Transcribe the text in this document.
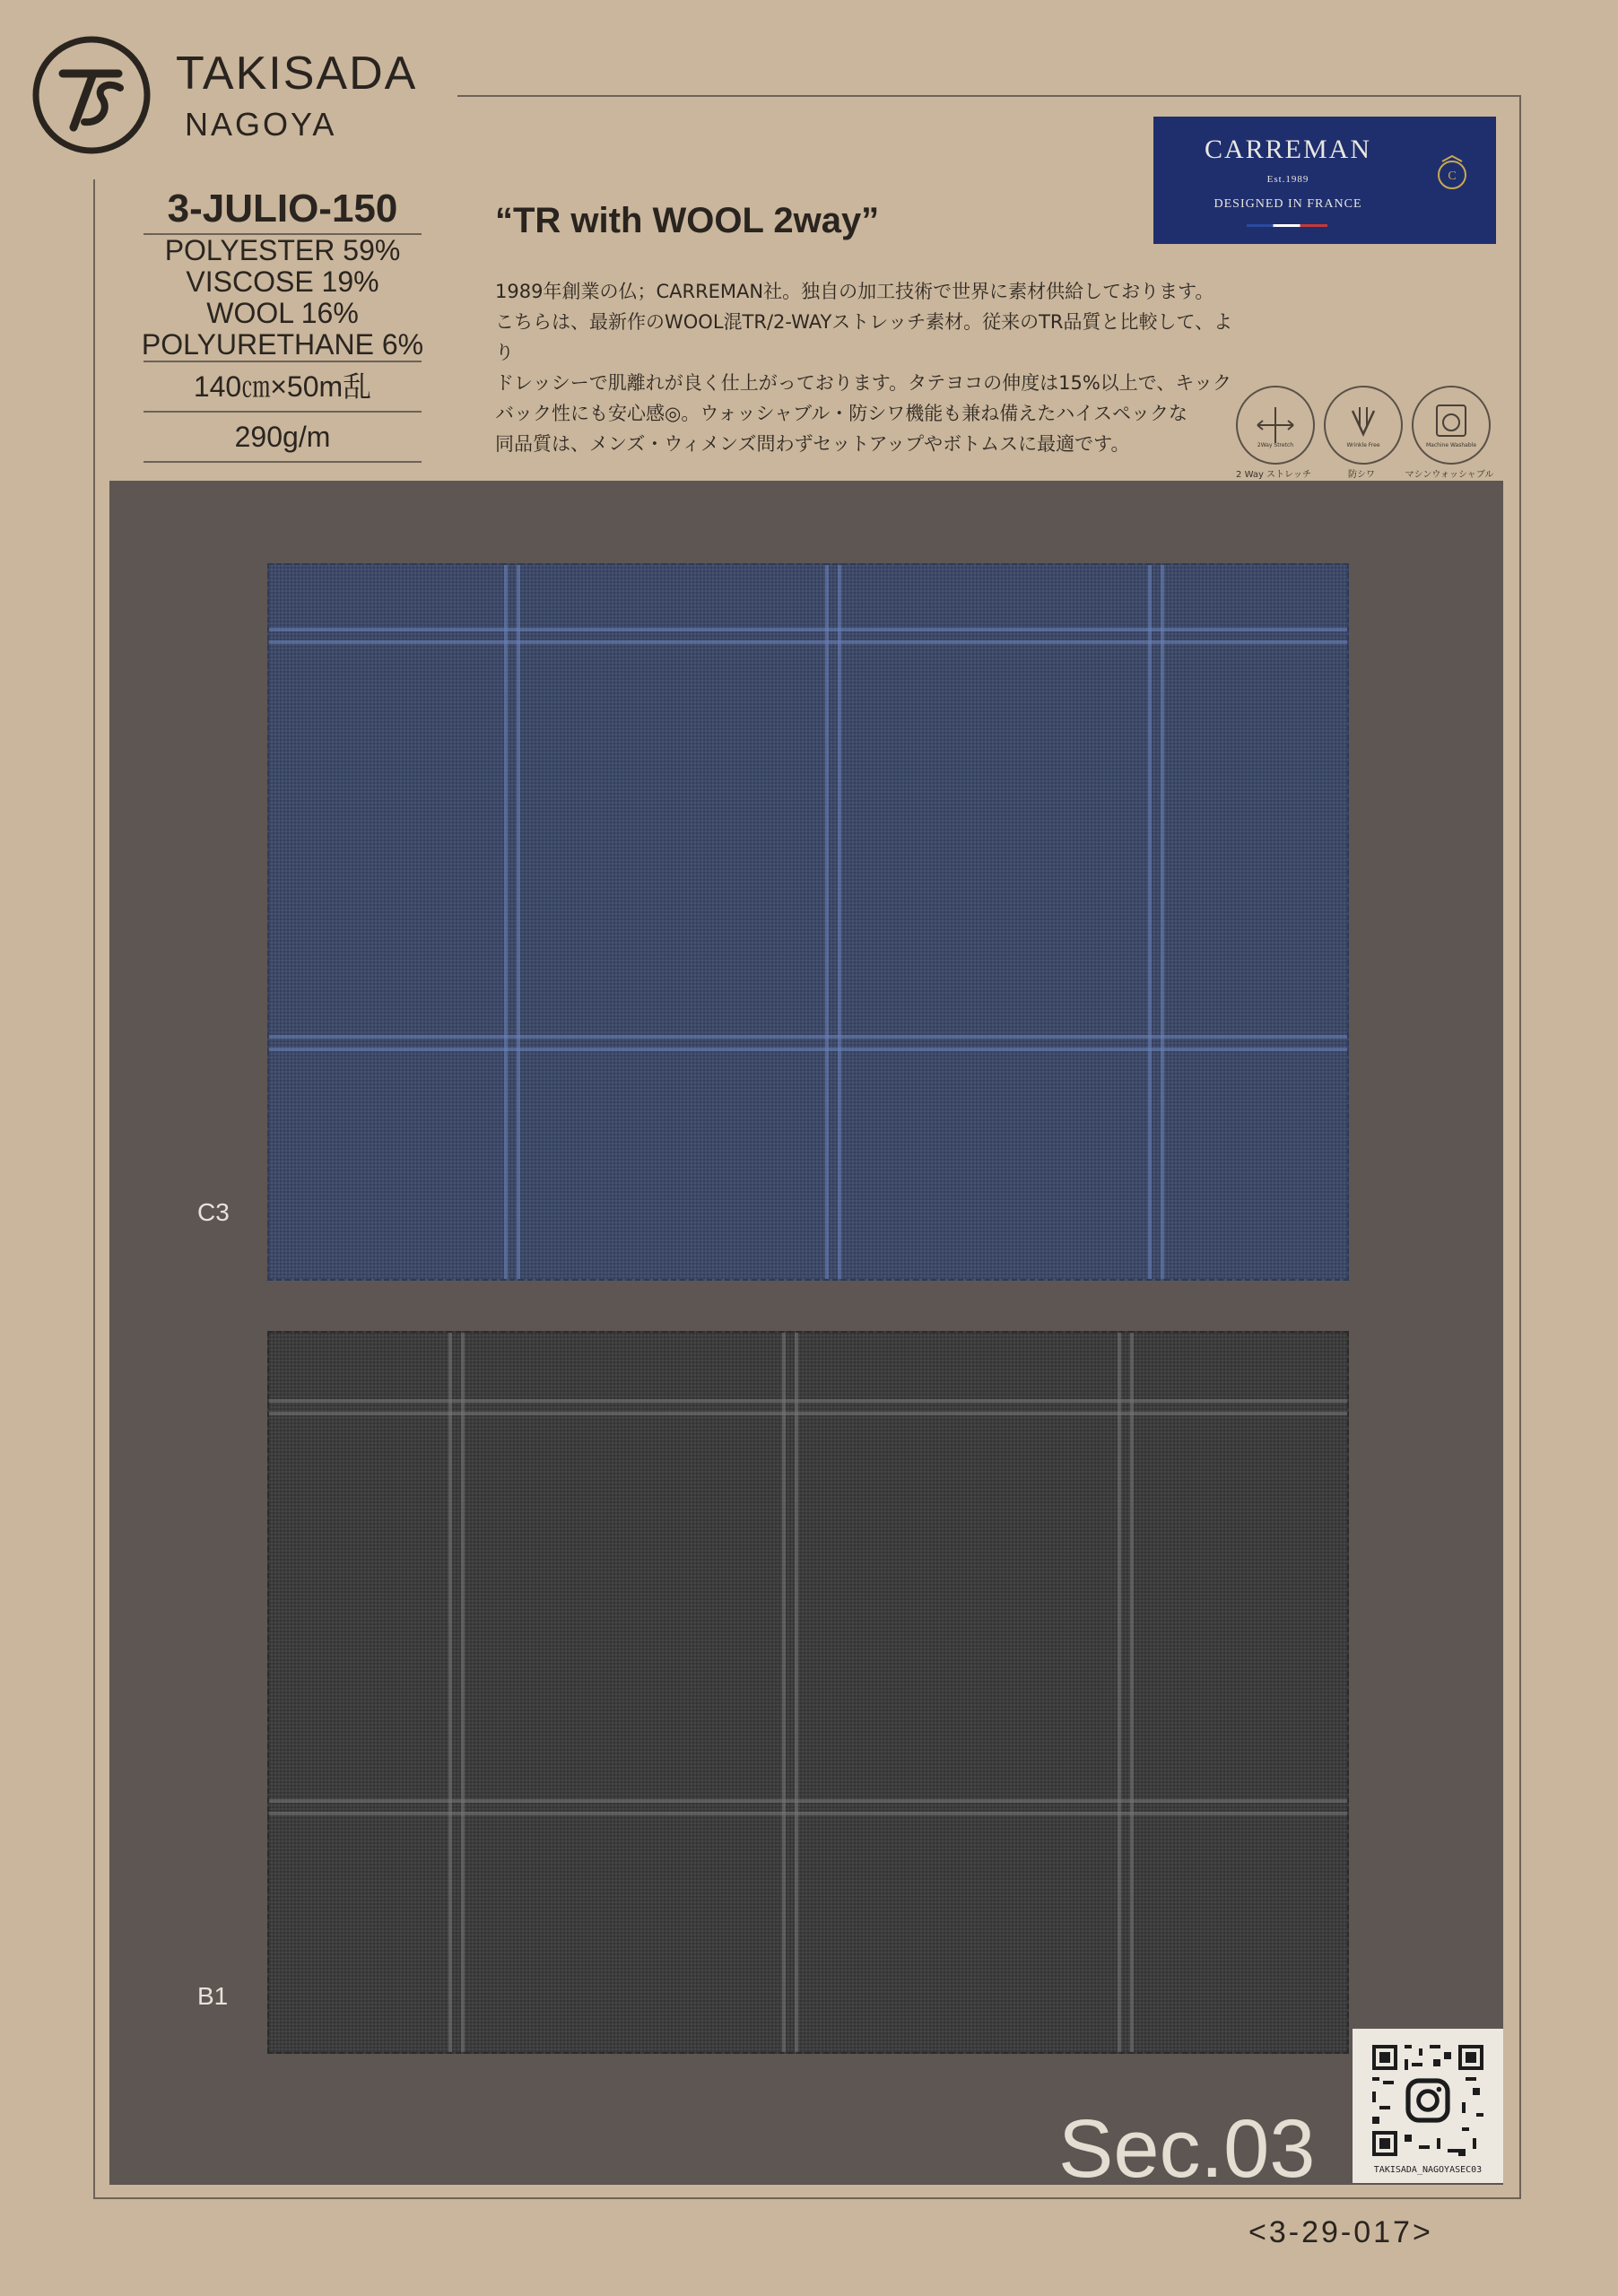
TAKISADA
NAGOYA
3-JULIO-150
POLYESTER 59%
VISCOSE 19%
WOOL 16%
POLYURETHANE 6%
140㎝×50m乱
290g/m
“TR with WOOL 2way”
1989年創業の仏；CARREMAN社。独自の加工技術で世界に素材供給しております。
こちらは、最新作のWOOL混TR/2-WAYストレッチ素材。従来のTR品質と比較して、より
ドレッシーで肌離れが良く仕上がっております。タテヨコの伸度は15%以上で、キック
バック性にも安心感◎。ウォッシャブル・防シワ機能も兼ね備えたハイスペックな
同品質は、メンズ・ウィメンズ問わずセットアップやボトムスに最適です。
CARREMAN
Est.1989
DESIGNED IN FRANCE
C
2Way Stretch	Wrinkle Free	Machine Washable
2 Way ストレッチ	防シワ	マシンウォッシャブル
C3
B1
Sec.03	TAKISADA_NAGOYASEC03
<3-29-017>
